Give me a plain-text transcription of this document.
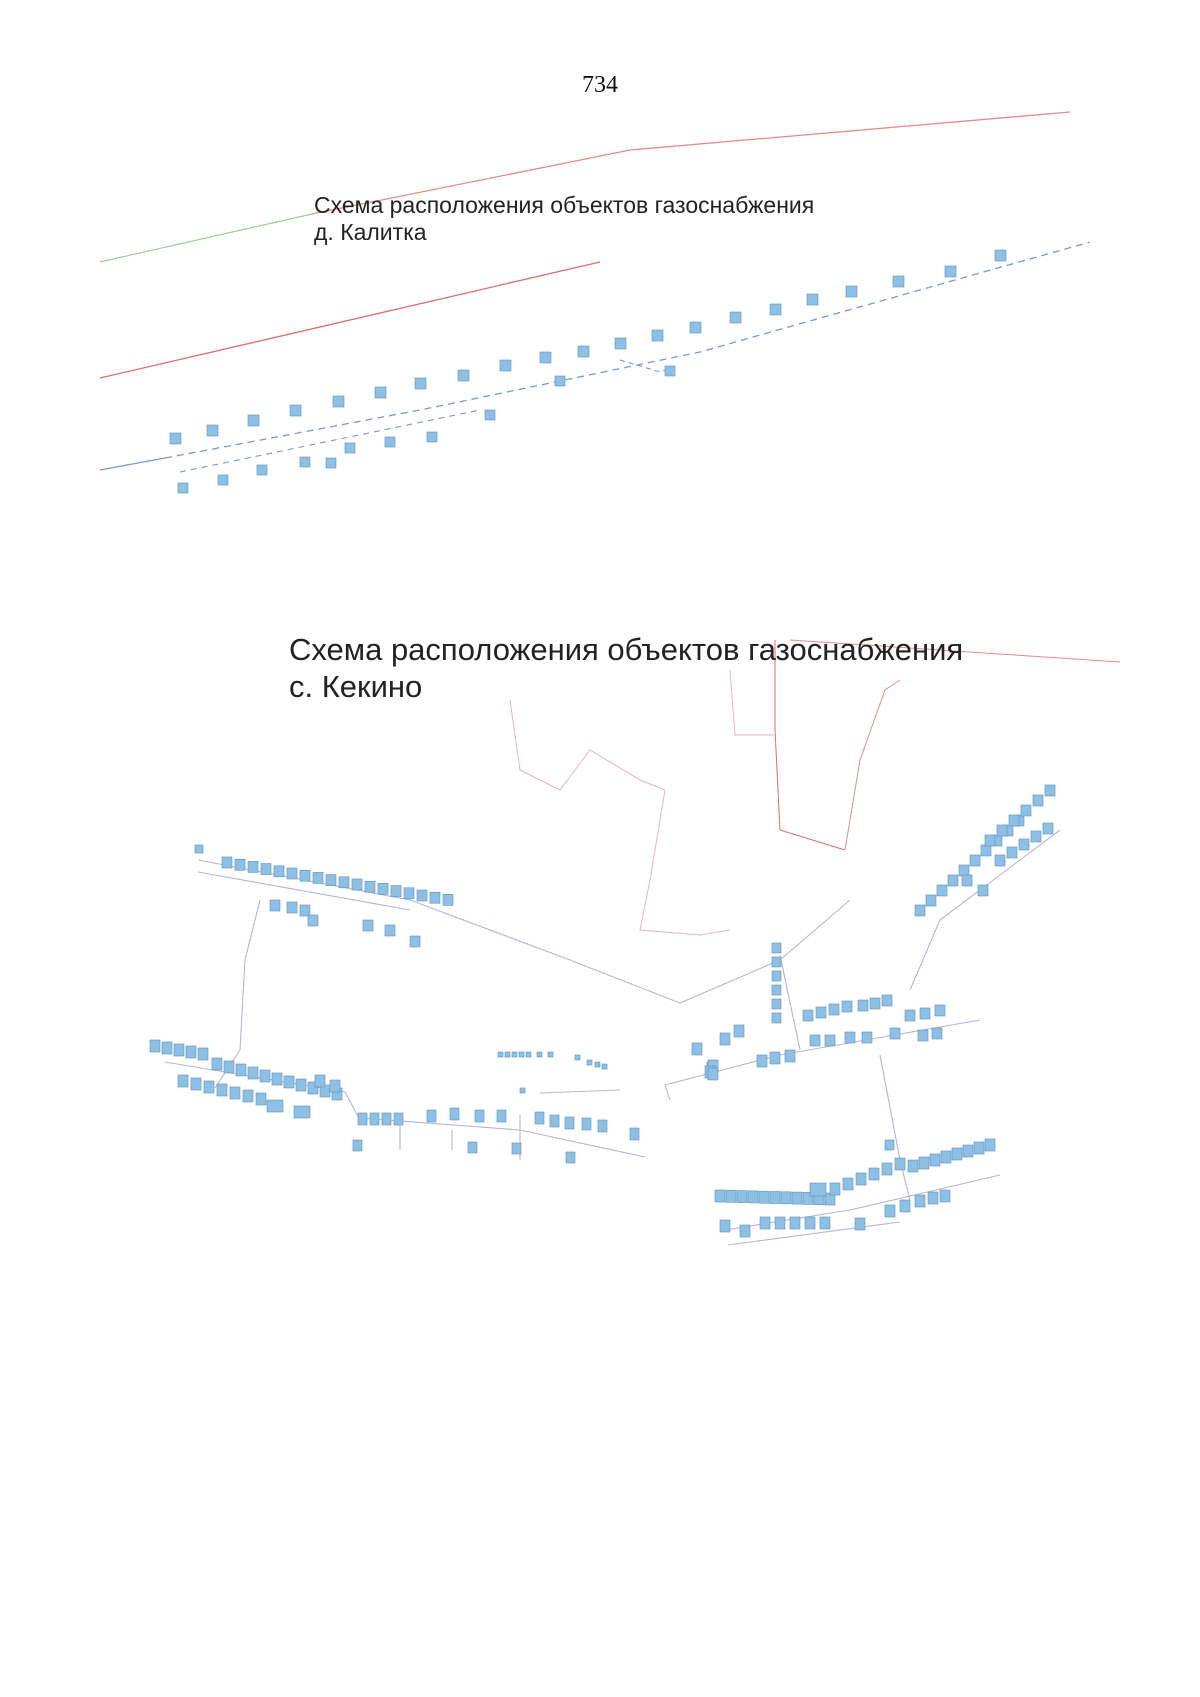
734
Схема расположения объектов газоснабжения
д. Калитка
Схема расположения объектов газоснабжения
с. Кекино
